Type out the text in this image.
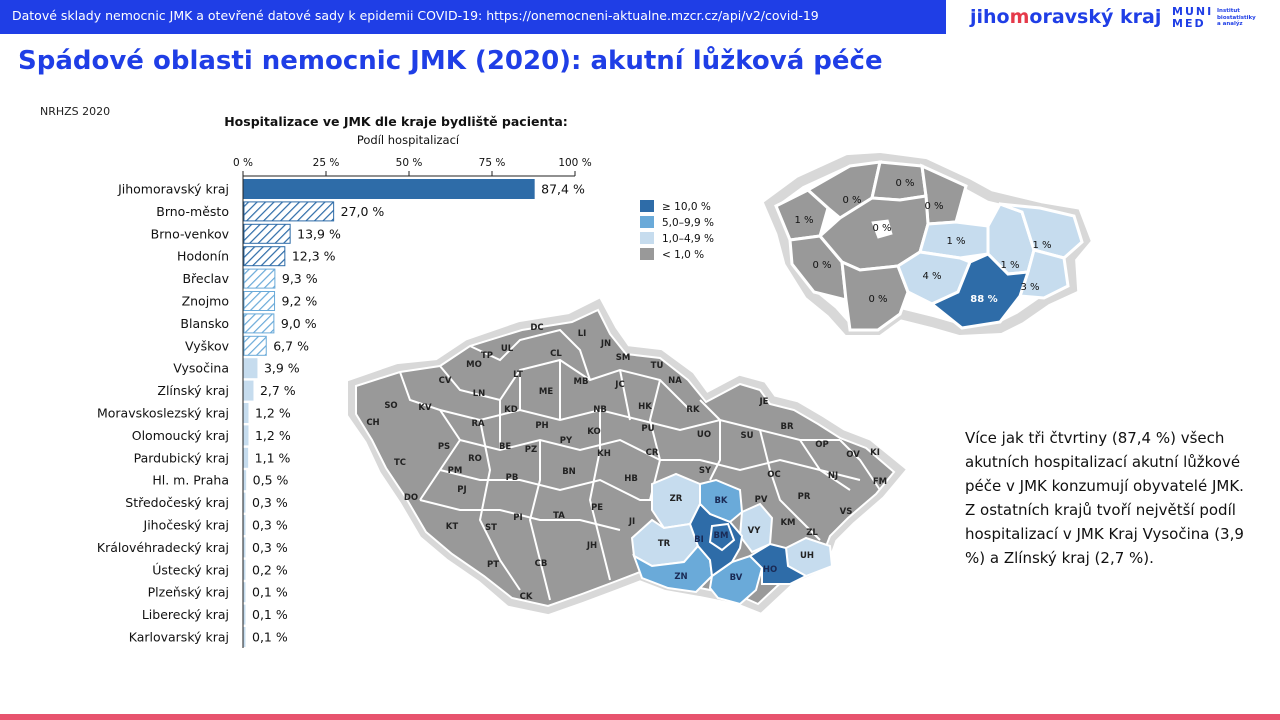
Datové sklady nemocnic JMK a otevřené datové sady k epidemii COVID-19: https://onemocneni-aktualne.mzcr.cz/api/v2/covid-19	jihomoravský kraj MUNI
MED
Institut
biostatistiky
a analýz
Spádové oblasti nemocnic JMK (2020): akutní lůžková péče
NRHZS 2020
Hospitalizace ve JMK dle kraje bydliště pacienta:
Podíl hospitalizací
0 %	25 %	50 %	75 %	100 %
Jihomoravský kraj	87,4 %
Brno-město	27,0 %
Brno-venkov	13,9 %
Hodonín	12,3 %
Břeclav	9,3 %
Znojmo	9,2 %
Blansko	9,0 %
Vyškov	6,7 %
Vysočina	3,9 %
Zlínský kraj 2,7 %
Moravskoslezský kraj 1,2 %
Olomoucký kraj 1,2 %
Pardubický kraj 1,1 %
Hl. m. Praha 0,5 %
Středočeský kraj 0,3 %
Jihočeský kraj 0,3 %
Královéhradecký kraj 0,3 %
Ústecký kraj 0,2 %
Plzeňský kraj 0,1 %
Liberecký kraj 0,1 %
Karlovarský kraj 0,1 %
0 %
0 %
0 %
1 %
0 %
1 %	1 %
0 %
4 %
1 %
3 %
0 %	88 %
≥ 10,0 %
5,0–9,9 %
1,0–4,9 %
< 1,0 %
DC
LI
JN
CL	SM
TP
UL
MO
LT
TU
NA
CV	MB	JC
ME
SO KV
LN
KD	NB	HK	RK
CH	RA	PH
KO
PY
PU
UO
JE
BR
SU
OP
OV KI
PS	BE PZ	KH	CR
TC	RO
PM	BN	SY	OC	NJ
FM
PJ
PB	HB
PR
DO	ZR	BK	PV
VS
KM
ZL
PE
VY
KT	ST
PI	TA
JI
BI BM
TR
JH
UH
HO
PT	CB
ZN	BV
CK

Více jak tři čtvrtiny (87,4 %) všech akutních hospitalizací akutní lůžkové péče v JMK konzumují obyvatelé JMK.

Z ostatních krajů tvoří největší podíl hospitalizací v JMK Kraj Vysočina (3,9 %) a Zlínský kraj (2,7 %).
